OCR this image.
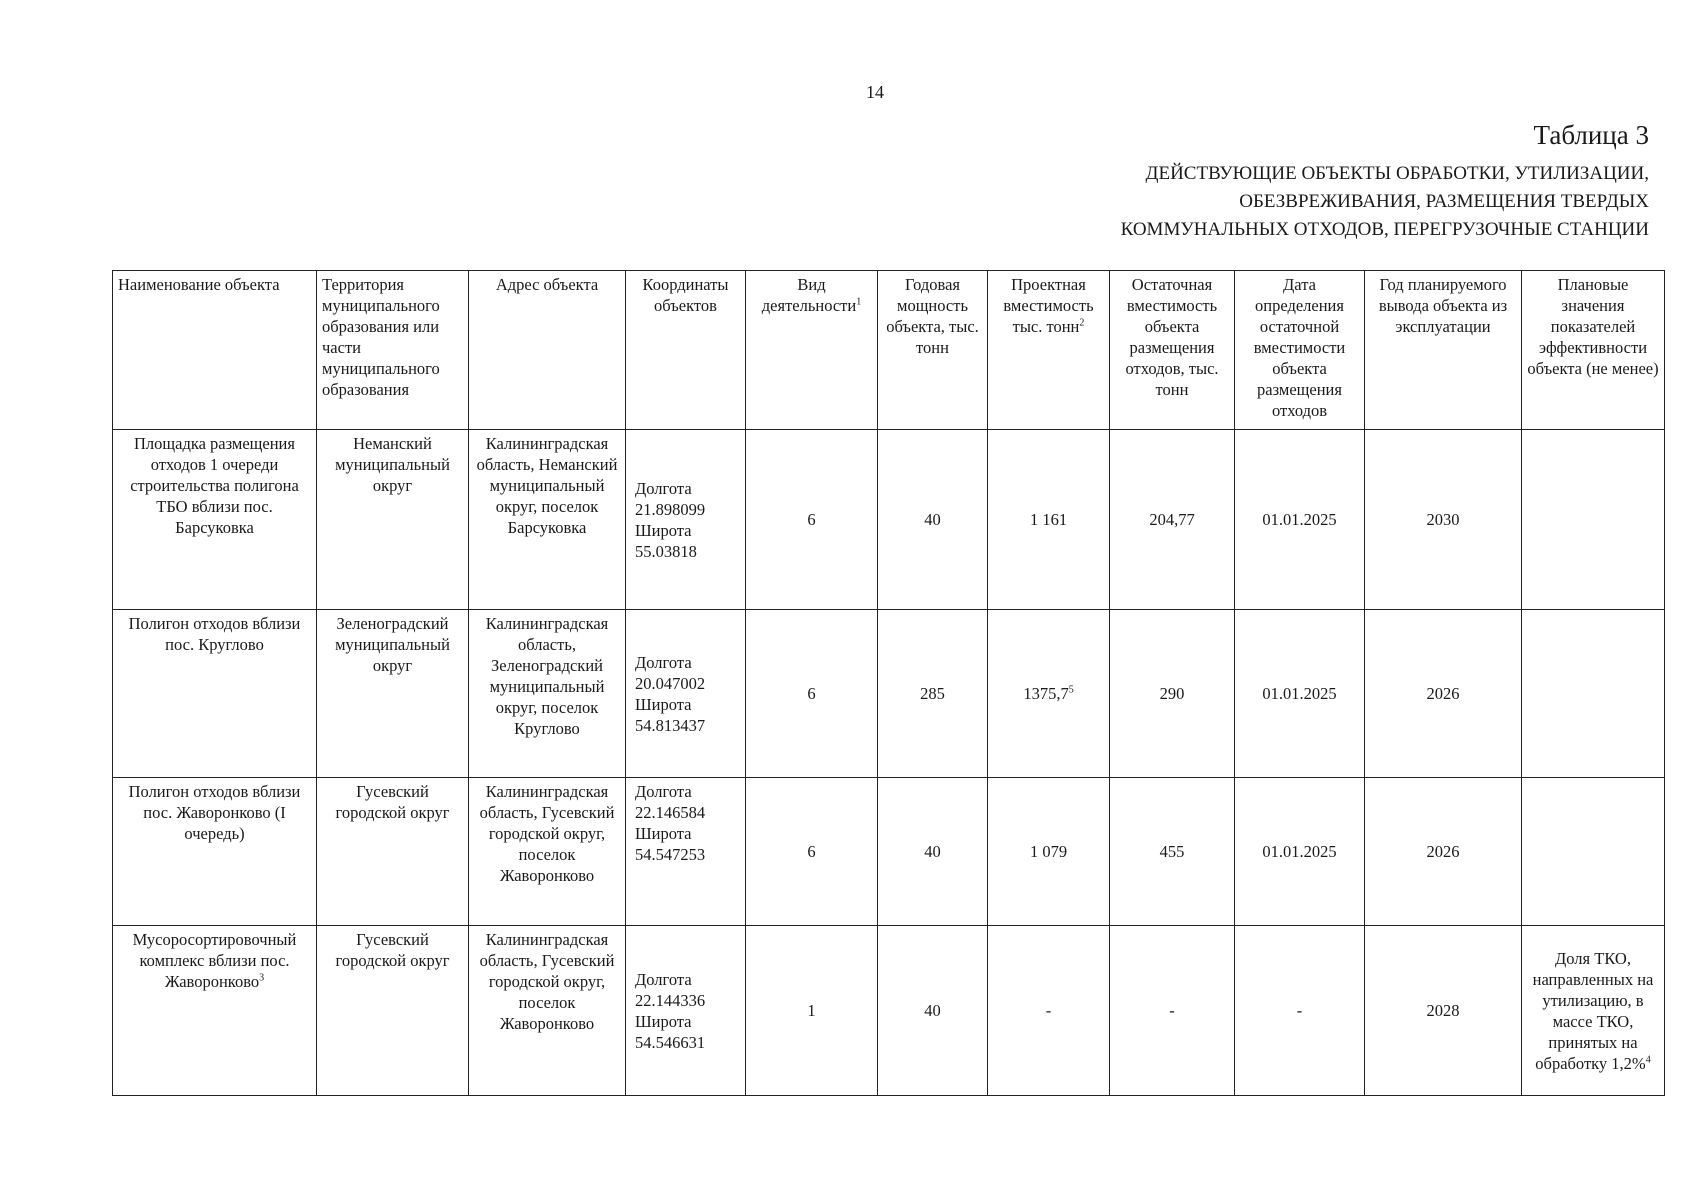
14
Таблица 3
ДЕЙСТВУЮЩИЕ ОБЪЕКТЫ ОБРАБОТКИ, УТИЛИЗАЦИИ,
ОБЕЗВРЕЖИВАНИЯ, РАЗМЕЩЕНИЯ ТВЕРДЫХ
КОММУНАЛЬНЫХ ОТХОДОВ, ПЕРЕГРУЗОЧНЫЕ СТАНЦИИ
Наименование объекта	Территория муниципального образования или части муниципального образования	Адрес объекта	Координаты объектов	Вид деятельности$^1$	Годовая мощность объекта, тыс. тонн	Проектная вместимость тыс. тонн$^2$	Остаточная вместимость объекта размещения отходов, тыс. тонн	Дата определения остаточной вместимости объекта размещения отходов	Год планируемого вывода объекта из эксплуатации	Плановые значения показателей эффективности объекта (не менее)
Площадка размещения отходов 1 очереди строительства полигона ТБО вблизи пос. Барсуковка	Неманский муниципальный округ	Калининградская область, Неманский муниципальный округ, поселок Барсуковка	Долгота
21.898099
Широта
55.03818	6	40	1 161	204,77	01.01.2025	2030	
Полигон отходов вблизи пос. Круглово	Зеленоградский муниципальный округ	Калининградская область, Зеленоградский муниципальный округ, поселок Круглово	Долгота
20.047002
Широта
54.813437	6	285	1375,7$^5$	290	01.01.2025	2026	
Полигон отходов вблизи пос. Жаворонково (I очередь)	Гусевский городской округ	Калининградская область, Гусевский городской округ, поселок Жаворонково	Долгота
22.146584
Широта
54.547253	6	40	1 079	455	01.01.2025	2026	
Мусоросортировочный комплекс вблизи пос. Жаворонково$^3$	Гусевский городской округ	Калининградская область, Гусевский городской округ, поселок Жаворонково	Долгота
22.144336
Широта
54.546631	1	40	-	-	-	2028	Доля ТКО, направленных на утилизацию, в массе ТКО, принятых на обработку 1,2%$^4$
